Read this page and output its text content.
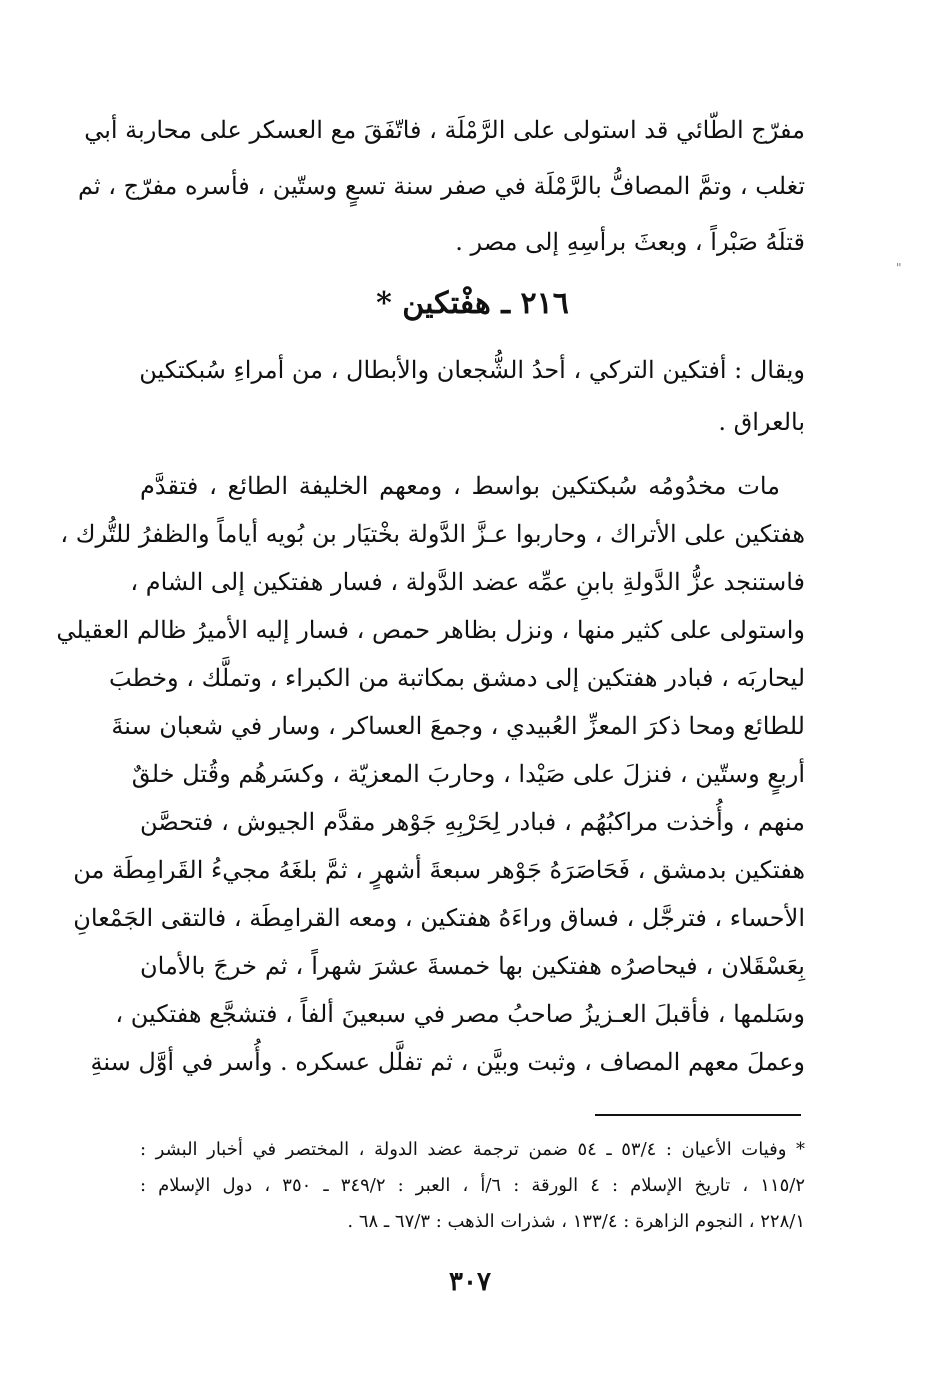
مفرّج الطّائي قد استولى على الرَّمْلَة ، فاتّفَقَ مع العسكر على محاربة أبي
تغلب ، وتمَّ المصافُّ بالرَّمْلَة في صفر سنة تسعٍ وستّين ، فأسره مفرّج ، ثم
قتلَهُ صَبْراً ، وبعثَ برأسِهِ إلى مصر .
٢١٦ ـ هفْتكين *
ويقال : أفتكين التركي ، أحدُ الشُّجعان والأبطال ، من أمراءِ سُبكتكين
بالعراق .
مات مخدُومُه سُبكتكين بواسط ، ومعهم الخليفة الطائع ، فتقدَّم
هفتكين على الأتراك ، وحاربوا عـزَّ الدَّولة بخْتيَار بن بُويه أياماً والظفرُ للتُّرك ،
فاستنجد عزُّ الدَّولةِ بابنِ عمِّه عضد الدَّولة ، فسار هفتكين إلى الشام ،
واستولى على كثير منها ، ونزل بظاهر حمص ، فسار إليه الأميرُ ظالم العقيلي
ليحاربَه ، فبادر هفتكين إلى دمشق بمكاتبة من الكبراء ، وتملَّك ، وخطبَ
للطائع ومحا ذكرَ المعزِّ العُبيدي ، وجمعَ العساكر ، وسار في شعبان سنةَ
أربعٍ وستّين ، فنزلَ على صَيْدا ، وحاربَ المعزيّة ، وكسَرهُم وقُتل خلقٌ
منهم ، وأُخذت مراكبُهُم ، فبادر لِحَرْبِهِ جَوْهر مقدَّم الجيوش ، فتحصَّن
هفتكين بدمشق ، فَحَاصَرَهُ جَوْهر سبعةَ أشهرٍ ، ثمَّ بلغَهُ مجيءُ القَرامِطَة من
الأحساء ، فترجَّل ، فساق وراءَهُ هفتكين ، ومعه القرامِطَة ، فالتقى الجَمْعانِ
بِعَسْقَلان ، فيحاصرُه هفتكين بها خمسةَ عشرَ شهراً ، ثم خرجَ بالأمان
وسَلمها ، فأقبلَ العـزيزُ صاحبُ مصر في سبعينَ ألفاً ، فتشجَّع هفتكين ،
وعملَ معهم المصاف ، وثبت وبيَّن ، ثم تفلَّل عسكره . وأُسر في أوَّل سنةِ
* وفيات الأعيان : ٥٣/٤ ـ ٥٤ ضمن ترجمة عضد الدولة ، المختصر في أخبار البشر :
١١٥/٢ ، تاريخ الإسلام : ٤ الورقة : ٦/أ ، العبر : ٣٤٩/٢ ـ ٣٥٠ ، دول الإسلام :
٢٢٨/١ ، النجوم الزاهرة : ١٣٣/٤ ، شذرات الذهب : ٦٧/٣ ـ ٦٨ .
٣٠٧
"
